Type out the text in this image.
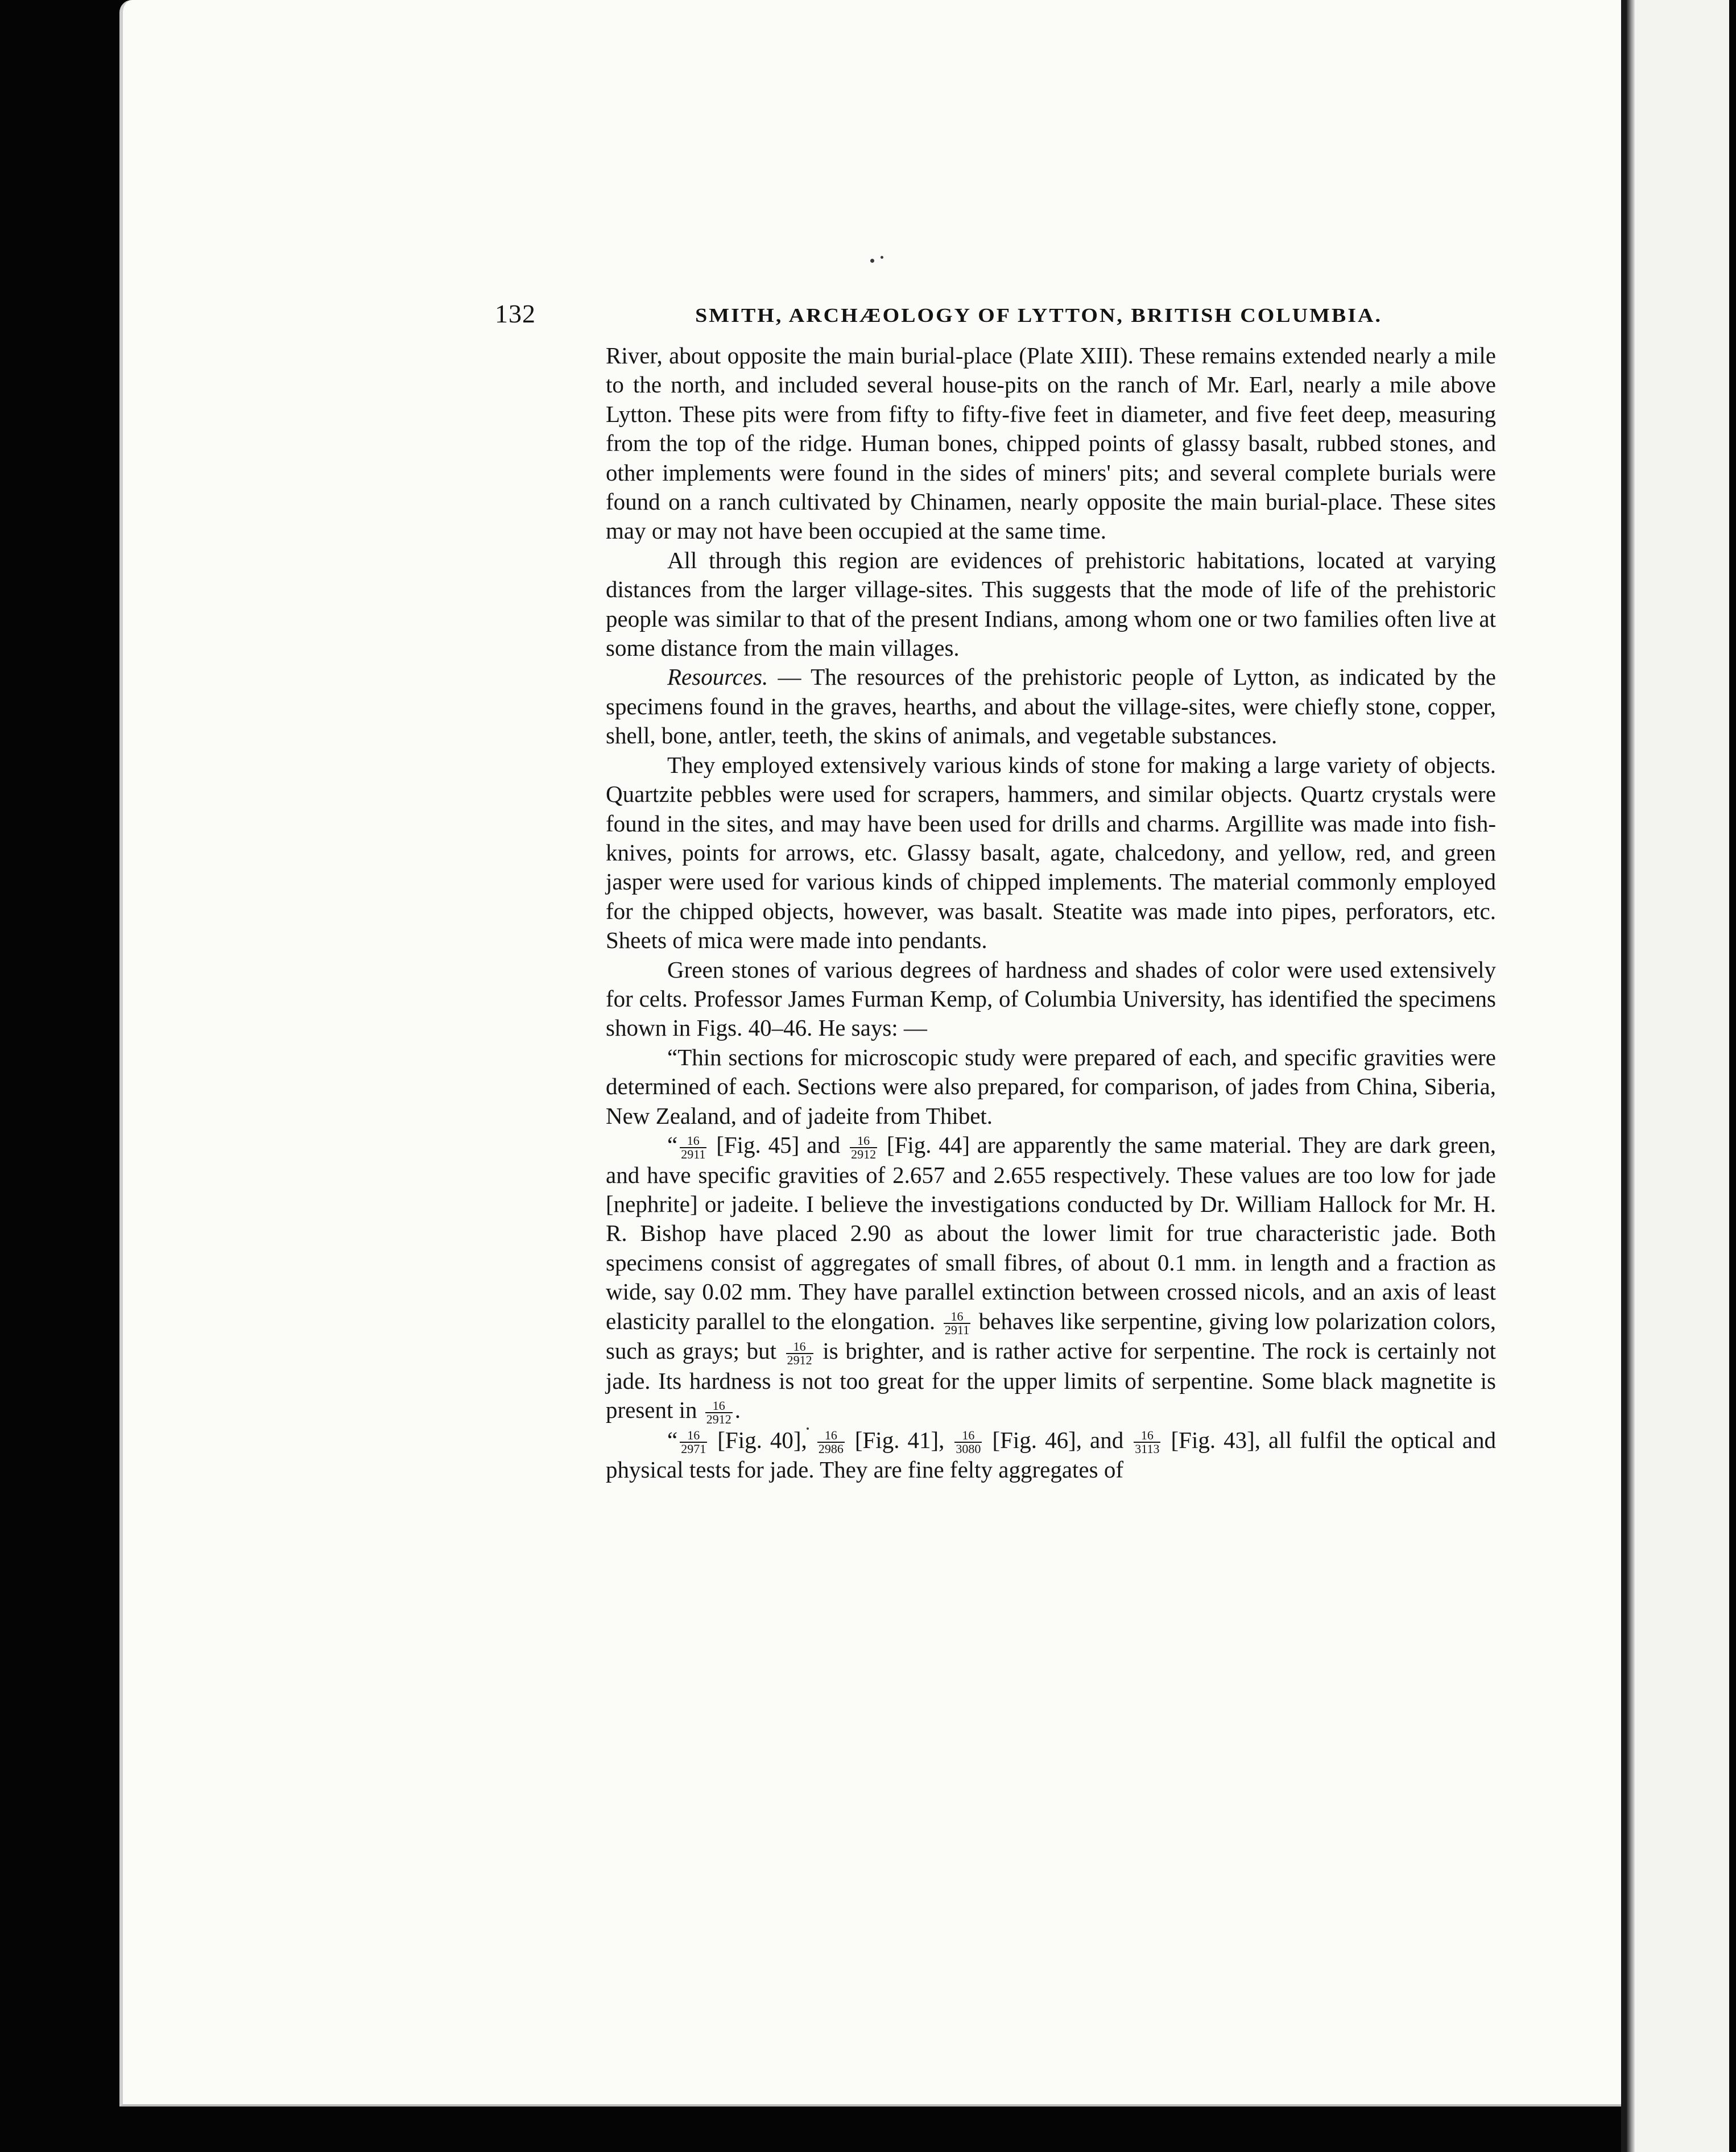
132	SMITH, ARCHÆOLOGY OF LYTTON, BRITISH COLUMBIA.

River, about opposite the main burial-place (Plate XIII). These remains extended nearly a mile to the north, and included several house-pits on the ranch of Mr. Earl, nearly a mile above Lytton. These pits were from fifty to fifty-five feet in diameter, and five feet deep, measuring from the top of the ridge. Human bones, chipped points of glassy basalt, rubbed stones, and other implements were found in the sides of miners' pits; and several complete burials were found on a ranch cultivated by Chinamen, nearly opposite the main burial-place. These sites may or may not have been occupied at the same time.

All through this region are evidences of prehistoric habitations, located at varying distances from the larger village-sites. This suggests that the mode of life of the prehistoric people was similar to that of the present Indians, among whom one or two families often live at some distance from the main villages.

Resources. — The resources of the prehistoric people of Lytton, as indicated by the specimens found in the graves, hearths, and about the village-sites, were chiefly stone, copper, shell, bone, antler, teeth, the skins of animals, and vegetable substances.

They employed extensively various kinds of stone for making a large variety of objects. Quartzite pebbles were used for scrapers, hammers, and similar objects. Quartz crystals were found in the sites, and may have been used for drills and charms. Argillite was made into fish-knives, points for arrows, etc. Glassy basalt, agate, chalcedony, and yellow, red, and green jasper were used for various kinds of chipped implements. The material commonly employed for the chipped objects, however, was basalt. Steatite was made into pipes, perforators, etc. Sheets of mica were made into pendants.

Green stones of various degrees of hardness and shades of color were used extensively for celts. Professor James Furman Kemp, of Columbia University, has identified the specimens shown in Figs. 40–46. He says: —

“Thin sections for microscopic study were prepared of each, and specific gravities were determined of each. Sections were also prepared, for comparison, of jades from China, Siberia, New Zealand, and of jadeite from Thibet.

“ $\frac{16}{2911} [Fig$. 45] and $\frac{16}{2912} [Fig$. 44] are apparently the same material. They are dark green, and have specific gravities of 2.657 and 2.655 respectively. These values are too low for jade [nephrite] or jadeite. I believe the investigations conducted by Dr. William Hallock for Mr. H. R. Bishop have placed 2.90 as about the lower limit for true characteristic jade. Both specimens consist of aggregates of small fibres, of about 0.1 mm. in length and a fraction as wide, say 0.02 mm. They have parallel extinction between crossed nicols, and an axis of least elasticity parallel to the elongation. $\frac{16}{2911}$ behaves like serpentine, giving low polarization colors, such as grays; but $\frac{16}{2912}$ is brighter, and is rather active for serpentine. The rock is certainly not jade. Its hardness is not too great for the upper limits of serpentine. Some black magnetite is present in $\frac{16}{2912}$ .

“ $\frac{16}{2971} [Fig$. 40], $\frac{16}{2986} [Fig$. 41], $\frac{16}{3080} [Fig$. 46], and $\frac{16}{3113} [Fig$. 43], all fulfil the optical and physical tests for jade. They are fine felty aggregates of
